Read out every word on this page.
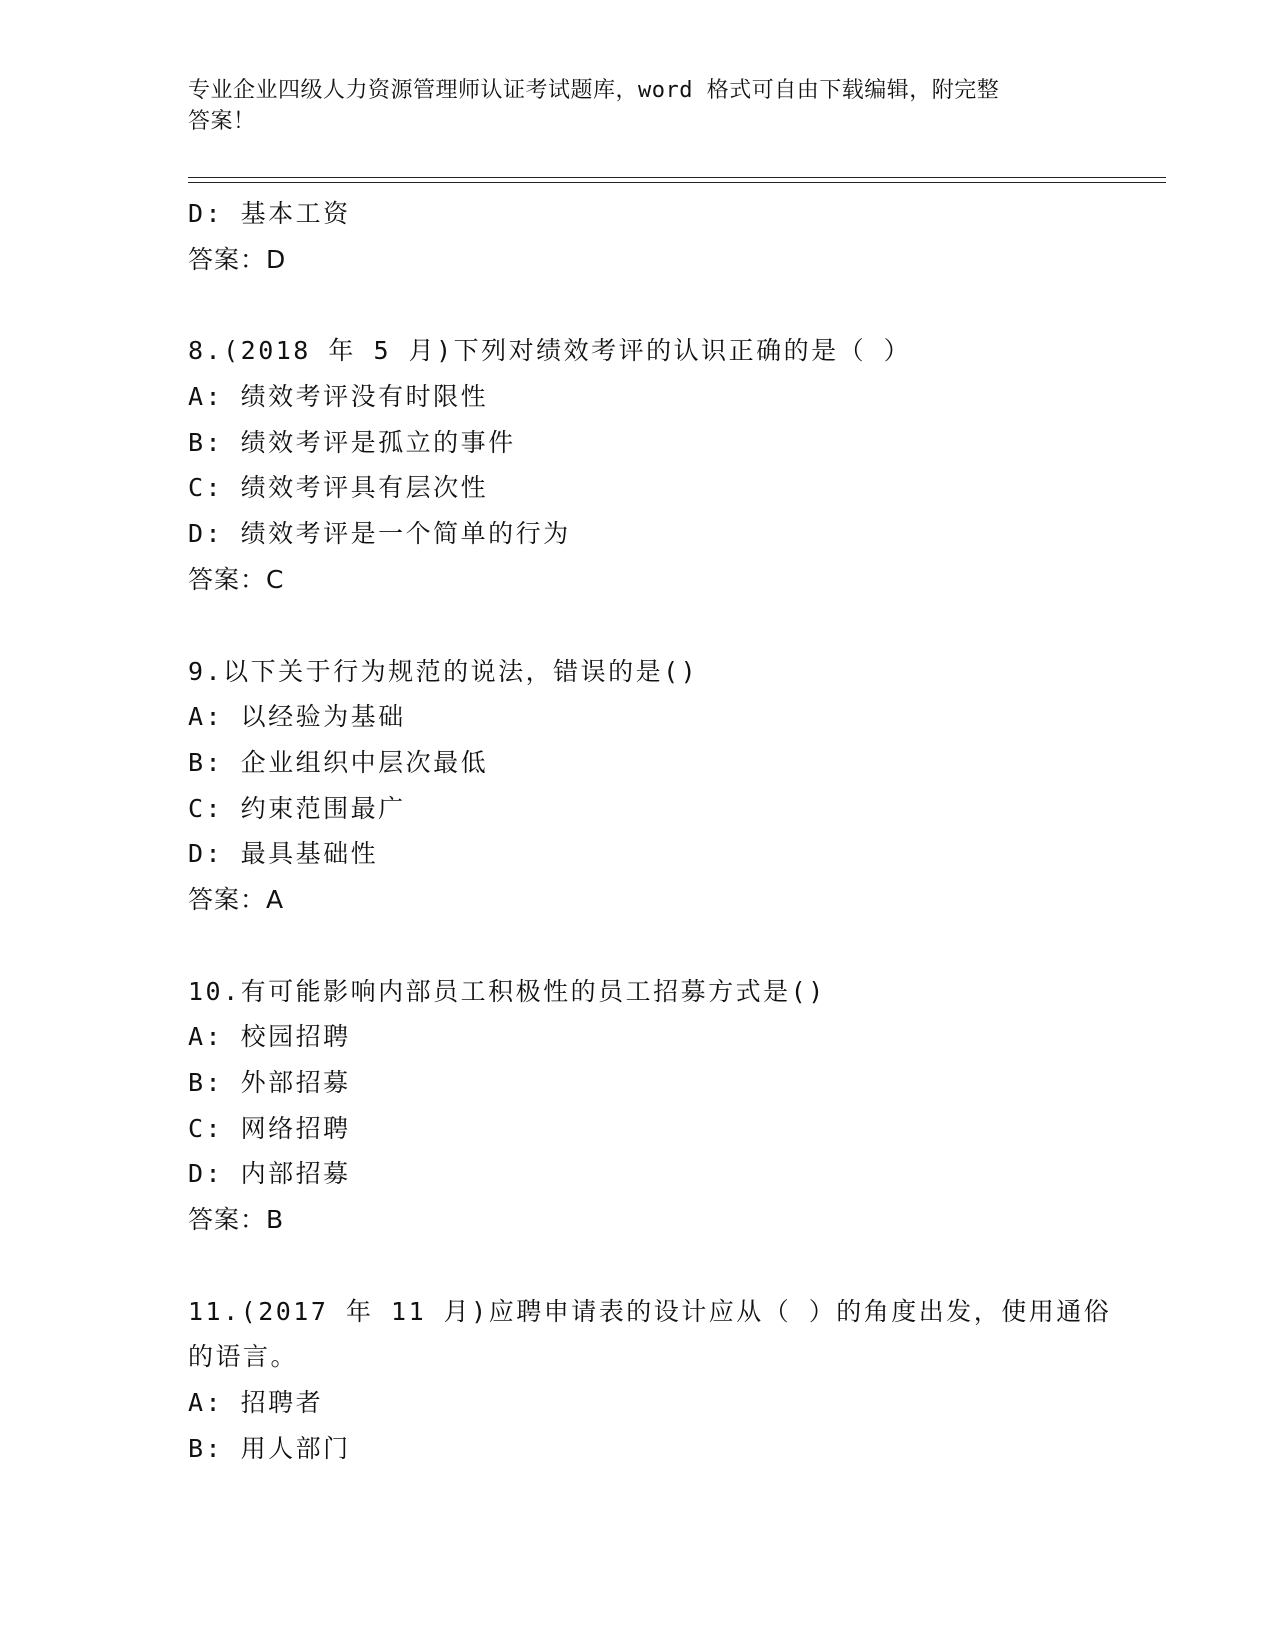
专业企业四级人力资源管理师认证考试题库，word 格式可自由下载编辑，附完整
答案！
D: 基本工资
答案：D
8.(2018 年 5 月)下列对绩效考评的认识正确的是（ ）
A: 绩效考评没有时限性
B: 绩效考评是孤立的事件
C: 绩效考评具有层次性
D: 绩效考评是一个简单的行为
答案：C
9.以下关于行为规范的说法，错误的是()
A: 以经验为基础
B: 企业组织中层次最低
C: 约束范围最广
D: 最具基础性
答案：A
10.有可能影响内部员工积极性的员工招募方式是()
A: 校园招聘
B: 外部招募
C: 网络招聘
D: 内部招募
答案：B
11.(2017 年 11 月)应聘申请表的设计应从（ ）的角度出发，使用通俗
的语言。
A: 招聘者
B: 用人部门
